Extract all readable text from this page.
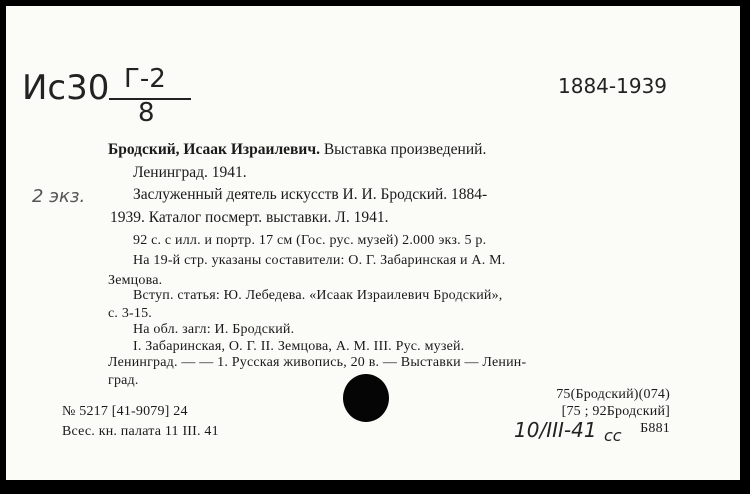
Ис30 Г-2
8
1884-1939
2 экз.
Бродский, Исаак Израилевич. Выставка произведений.
Ленинград. 1941.
Заслуженный деятель искусств И. И. Бродский. 1884-
1939. Каталог посмерт. выставки. Л. 1941.
92 с. с илл. и портр. 17 см (Гос. рус. музей) 2.000 экз. 5 р.
На 19-й стр. указаны составители: О. Г. Забаринская и А. М.
Земцова.
Вступ. статья: Ю. Лебедева. «Исаак Израилевич Бродский»,
с. 3-15.
На обл. загл: И. Бродский.
I. Забаринская, О. Г. II. Земцова, А. М. III. Рус. музей.
Ленинград. — — 1. Русская живопись, 20 в. — Выставки — Ленин-
град.
75(Бродский)(074)
[75 ; 92Бродский]
Б881
№ 5217 [41-9079] 24
Всес. кн. палата 11 III. 41	10/III-41 сс
